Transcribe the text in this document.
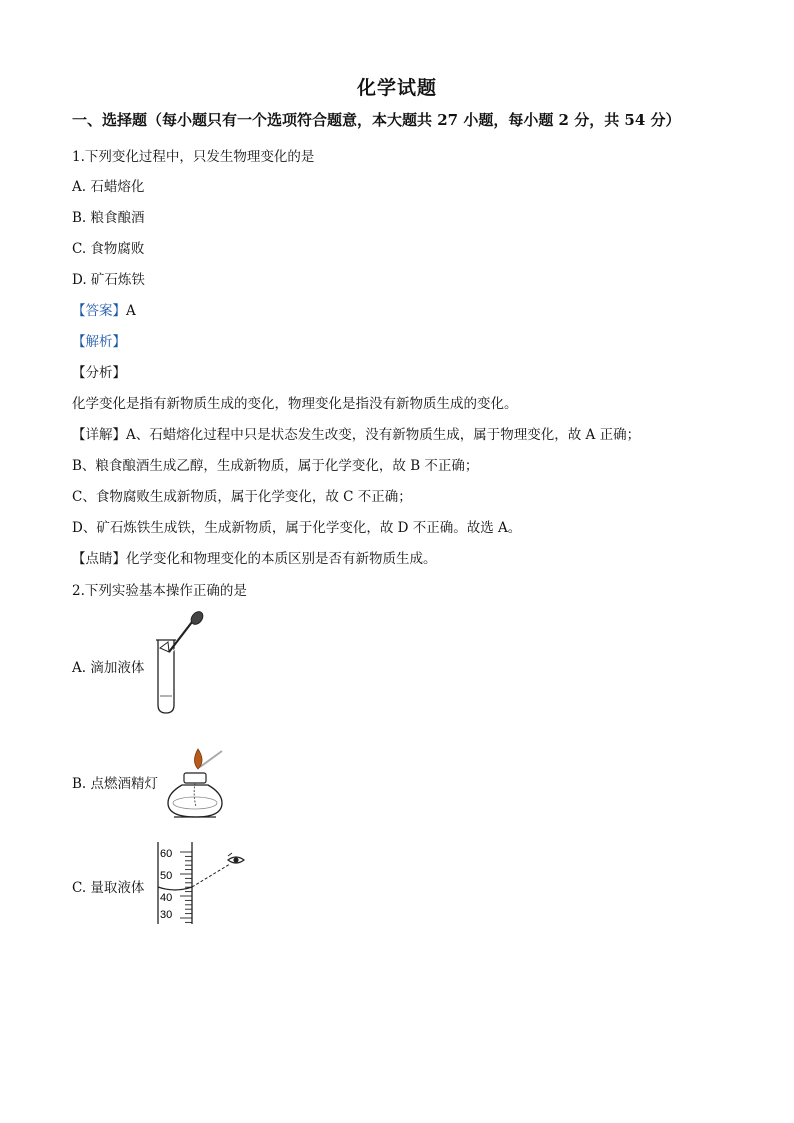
化学试题
一、选择题（每小题只有一个选项符合题意，本大题共 27 小题，每小题 2 分，共 54 分）
1.下列变化过程中，只发生物理变化的是
A. 石蜡熔化
B. 粮食酿酒
C. 食物腐败
D. 矿石炼铁
【答案】A
【解析】
【分析】
化学变化是指有新物质生成的变化，物理变化是指没有新物质生成的变化。
【详解】A、石蜡熔化过程中只是状态发生改变，没有新物质生成，属于物理变化，故 A 正确；
B、粮食酿酒生成乙醇，生成新物质，属于化学变化，故 B 不正确；
C、食物腐败生成新物质，属于化学变化，故 C 不正确；
D、矿石炼铁生成铁，生成新物质，属于化学变化，故 D 不正确。故选 A。
【点睛】化学变化和物理变化的本质区别是否有新物质生成。
2.下列实验基本操作正确的是
A. 滴加液体
B. 点燃酒精灯
C. 量取液体
60
50
40
30
